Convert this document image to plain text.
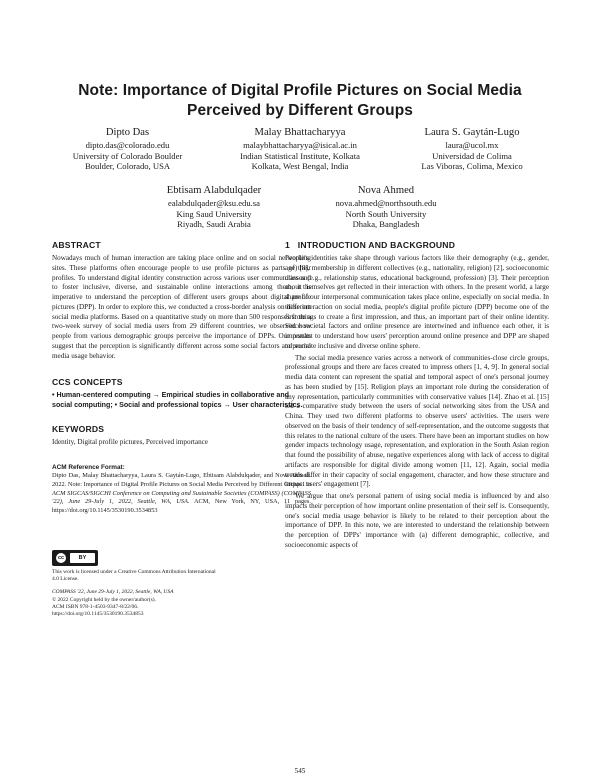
Note: Importance of Digital Profile Pictures on Social Media
Perceived by Different Groups
Dipto Das
dipto.das@colorado.edu
University of Colorado Boulder
Boulder, Colorado, USA
Malay Bhattacharyya
malaybhattacharyya@isical.ac.in
Indian Statistical Institute, Kolkata
Kolkata, West Bengal, India
Laura S. Gaytán-Lugo
laura@ucol.mx
Universidad de Colima
Las Viboras, Colima, Mexico
Ebtisam Alabdulqader
ealabdulqader@ksu.edu.sa
King Saud University
Riyadh, Saudi Arabia
Nova Ahmed
nova.ahmed@northsouth.edu
North South University
Dhaka, Bangladesh
ABSTRACT

Nowadays much of human interaction are taking place online and on social networking sites. These platforms often encourage people to use profile pictures as parts of their profiles. To understand digital identity construction across various user communities and to foster inclusive, diverse, and sustainable online interactions among them, it is imperative to understand the perception of different users groups about digital profile pictures (DPP). In order to explore this, we conducted a cross-border analysis on different social media platforms. Based on a quantitative study on more than 500 responses from a two-week survey of social media users from 29 different countries, we observed how people from various demographic groups perceive the importance of DPPs. Our results suggest that the perception is significantly different across some social factors and social media usage behavior.

CCS CONCEPTS

• Human-centered computing → Empirical studies in collaborative and social computing; • Social and professional topics → User characteristics.

KEYWORDS

Identity, Digital profile pictures, Perceived importance

ACM Reference Format:

Dipto Das, Malay Bhattacharyya, Laura S. Gaytán-Lugo, Ebtisam Alabdulqader, and Nova Ahmed. 2022. Note: Importance of Digital Profile Pictures on Social Media Perceived by Different Groups. In ACM SIGCAS/SIGCHI Conference on Computing and Sustainable Societies (COMPASS) (COMPASS '22), June 29-July 1, 2022, Seattle, WA, USA. ACM, New York, NY, USA, 11 pages. https://doi.org/10.1145/3530190.3534853

cc	BY

This work is licensed under a Creative Commons Attribution International

4.0 License.

COMPASS '22, June 29-July 1, 2022, Seattle, WA, USA

© 2022 Copyright held by the owner/author(s).

ACM ISBN 978-1-4503-9347-8/22/06.

https://doi.org/10.1145/3530190.3534853

1   INTRODUCTION AND BACKGROUND

People's identities take shape through various factors like their demography (e.g., gender, age) [8], membership in different collectives (e.g., nationality, religion) [2], socioeconomic classes (e.g., relationship status, educational background, profession) [3]. Their perception about themselves get reflected in their interaction with others. In the present world, a large share of our interpersonal communication takes place online, especially on social media. In these interaction on social media, people's digital profile picture (DPP) become one of the first things to create a first impression, and thus, an important part of their online identity. Since societal factors and online presence are intertwined and influence each other, it is important to understand how users' perception around online presence and DPP are shaped to promote inclusive and diverse online sphere.

The social media presence varies across a network of communities-close circle groups, professional groups and there are faces created to impress others [1, 4, 9]. In general social media data content can represent the spatial and temporal aspect of one's personal journey as has been studied by [15]. Religion plays an important role during the consideration of any representation, particularly communities with conservative values [14]. Zhao et al. [15] led a comparative study between the users of social networking sites from the USA and China. They used two different platforms to observe users' activities. The users were observed on the basis of their tendency of self-representation, and the outcome suggests that this relates to the national culture of the users. There have been an important studies on how gender impacts technology usage, representation, and exploration in the South Asian region that found the possibility of abuse, negative experiences along with lack of access to digital artifacts are responsible for digital divide among women [11, 12]. Again, social media trends differ in their capacity of social engagement, character, and how these structure and impact users' engagement [7].

We argue that one's personal pattern of using social media is influenced by and also impacts their perception of how important online presentation of their self is. Consequently, one's social media usage behavior is likely to be related to their perception about the importance of DPP. In this note, we are interested to understand the relationship between the perception of DPPs' importance with (a) different demographic, collective, and socioeconomic aspects of

545
